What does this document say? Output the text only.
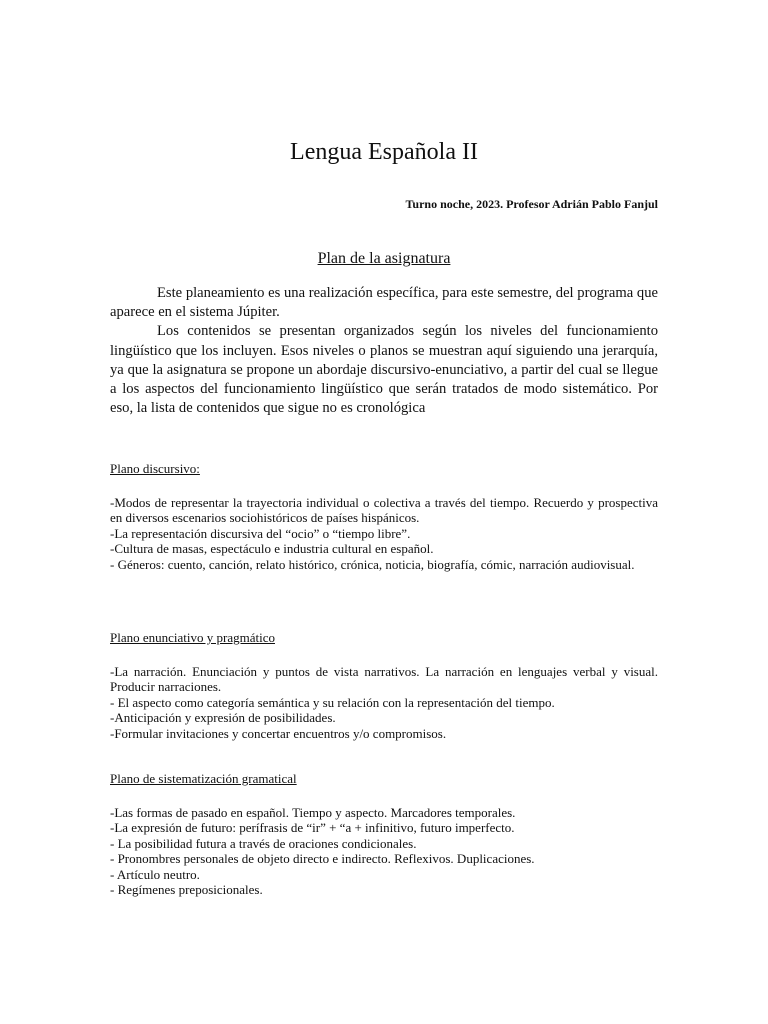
Lengua Española II
Turno noche, 2023. Profesor Adrián Pablo Fanjul
Plan de la asignatura

Este planeamiento es una realización específica, para este semestre, del programa que aparece en el sistema Júpiter.

Los contenidos se presentan organizados según los niveles del funcionamiento lingüístico que los incluyen. Esos niveles o planos se muestran aquí siguiendo una jerarquía, ya que la asignatura se propone un abordaje discursivo-enunciativo, a partir del cual se llegue a los aspectos del funcionamiento lingüístico que serán tratados de modo sistemático. Por eso, la lista de contenidos que sigue no es cronológica

Plano discursivo:
-Modos de representar la trayectoria individual o colectiva a través del tiempo. Recuerdo y prospectiva en diversos escenarios sociohistóricos de países hispánicos.
-La representación discursiva del “ocio” o “tiempo libre”.
-Cultura de masas, espectáculo e industria cultural en español.
- Géneros: cuento, canción, relato histórico, crónica, noticia, biografía, cómic, narración audiovisual.
Plano enunciativo y pragmático
-La narración. Enunciación y puntos de vista narrativos. La narración en lenguajes verbal y visual. Producir narraciones.
- El aspecto como categoría semántica y su relación con la representación del tiempo.
-Anticipación y expresión de posibilidades.
-Formular invitaciones y concertar encuentros y/o compromisos.
Plano de sistematización gramatical
-Las formas de pasado en español. Tiempo y aspecto. Marcadores temporales.
-La expresión de futuro: perífrasis de “ir” + “a + infinitivo, futuro imperfecto.
- La posibilidad futura a través de oraciones condicionales.
- Pronombres personales de objeto directo e indirecto. Reflexivos. Duplicaciones.
- Artículo neutro.
- Regímenes preposicionales.
